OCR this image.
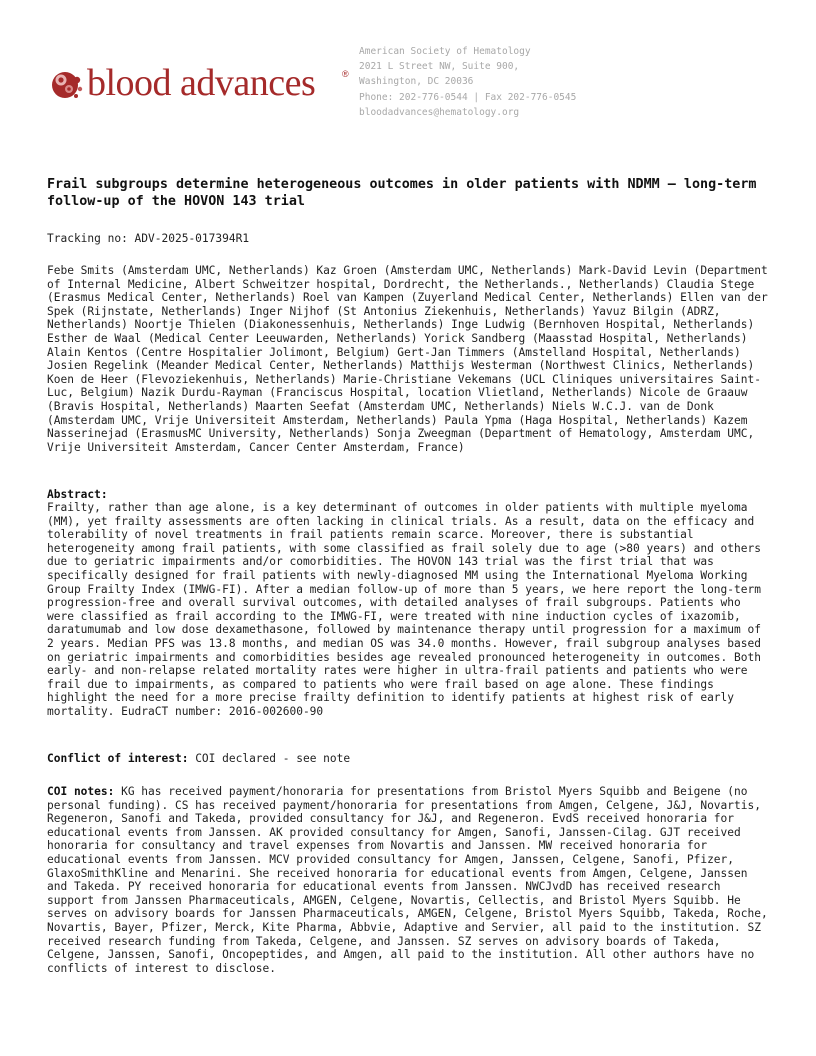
blood advances	®
American Society of Hematology
2021 L Street NW, Suite 900,
Washington, DC 20036
Phone: 202-776-0544 | Fax 202-776-0545
bloodadvances@hematology.org
Frail subgroups determine heterogeneous outcomes in older patients with NDMM – long-term follow-up of the HOVON 143 trial
Tracking no: ADV-2025-017394R1

Febe Smits (Amsterdam UMC, Netherlands) Kaz Groen (Amsterdam UMC, Netherlands) Mark-David Levin (Department of Internal Medicine, Albert Schweitzer hospital, Dordrecht, the Netherlands., Netherlands) Claudia Stege (Erasmus Medical Center, Netherlands) Roel van Kampen (Zuyerland Medical Center, Netherlands) Ellen van der Spek (Rijnstate, Netherlands) Inger Nijhof (St Antonius Ziekenhuis, Netherlands) Yavuz Bilgin (ADRZ, Netherlands) Noortje Thielen (Diakonessenhuis, Netherlands) Inge Ludwig (Bernhoven Hospital, Netherlands) Esther de Waal (Medical Center Leeuwarden, Netherlands) Yorick Sandberg (Maasstad Hospital, Netherlands) Alain Kentos (Centre Hospitalier Jolimont, Belgium) Gert-Jan Timmers (Amstelland Hospital, Netherlands) Josien Regelink (Meander Medical Center, Netherlands) Matthijs Westerman (Northwest Clinics, Netherlands) Koen de Heer (Flevoziekenhuis, Netherlands) Marie-Christiane Vekemans (UCL Cliniques universitaires Saint-Luc, Belgium) Nazik Durdu-Rayman (Franciscus Hospital, location Vlietland, Netherlands) Nicole de Graauw (Bravis Hospital, Netherlands) Maarten Seefat (Amsterdam UMC, Netherlands) Niels W.C.J. van de Donk (Amsterdam UMC, Vrije Universiteit Amsterdam, Netherlands) Paula Ypma (Haga Hospital, Netherlands) Kazem Nasserinejad (ErasmusMC University, Netherlands) Sonja Zweegman (Department of Hematology, Amsterdam UMC, Vrije Universiteit Amsterdam, Cancer Center Amsterdam, France)

Abstract:

Frailty, rather than age alone, is a key determinant of outcomes in older patients with multiple myeloma (MM), yet frailty assessments are often lacking in clinical trials. As a result, data on the efficacy and tolerability of novel treatments in frail patients remain scarce. Moreover, there is substantial heterogeneity among frail patients, with some classified as frail solely due to age (>80 years) and others due to geriatric impairments and/or comorbidities. The HOVON 143 trial was the first trial that was specifically designed for frail patients with newly-diagnosed MM using the International Myeloma Working Group Frailty Index (IMWG-FI). After a median follow-up of more than 5 years, we here report the long-term progression-free and overall survival outcomes, with detailed analyses of frail subgroups. Patients who were classified as frail according to the IMWG-FI, were treated with nine induction cycles of ixazomib, daratumumab and low dose dexamethasone, followed by maintenance therapy until progression for a maximum of 2 years. Median PFS was 13.8 months, and median OS was 34.0 months. However, frail subgroup analyses based on geriatric impairments and comorbidities besides age revealed pronounced heterogeneity in outcomes. Both early- and non-relapse related mortality rates were higher in ultra-frail patients and patients who were frail due to impairments, as compared to patients who were frail based on age alone. These findings highlight the need for a more precise frailty definition to identify patients at highest risk of early mortality. EudraCT number: 2016-002600-90

Conflict of interest: COI declared - see note

COI notes: KG has received payment/honoraria for presentations from Bristol Myers Squibb and Beigene (no personal funding). CS has received payment/honoraria for presentations from Amgen, Celgene, J&J, Novartis, Regeneron, Sanofi and Takeda, provided consultancy for J&J, and Regeneron. EvdS received honoraria for educational events from Janssen. AK provided consultancy for Amgen, Sanofi, Janssen-Cilag. GJT received honoraria for consultancy and travel expenses from Novartis and Janssen. MW received honoraria for educational events from Janssen. MCV provided consultancy for Amgen, Janssen, Celgene, Sanofi, Pfizer, GlaxoSmithKline and Menarini. She received honoraria for educational events from Amgen, Celgene, Janssen and Takeda. PY received honoraria for educational events from Janssen. NWCJvdD has received research support from Janssen Pharmaceuticals, AMGEN, Celgene, Novartis, Cellectis, and Bristol Myers Squibb. He serves on advisory boards for Janssen Pharmaceuticals, AMGEN, Celgene, Bristol Myers Squibb, Takeda, Roche, Novartis, Bayer, Pfizer, Merck, Kite Pharma, Abbvie, Adaptive and Servier, all paid to the institution. SZ received research funding from Takeda, Celgene, and Janssen. SZ serves on advisory boards of Takeda, Celgene, Janssen, Sanofi, Oncopeptides, and Amgen, all paid to the institution. All other authors have no conflicts of interest to disclose.
